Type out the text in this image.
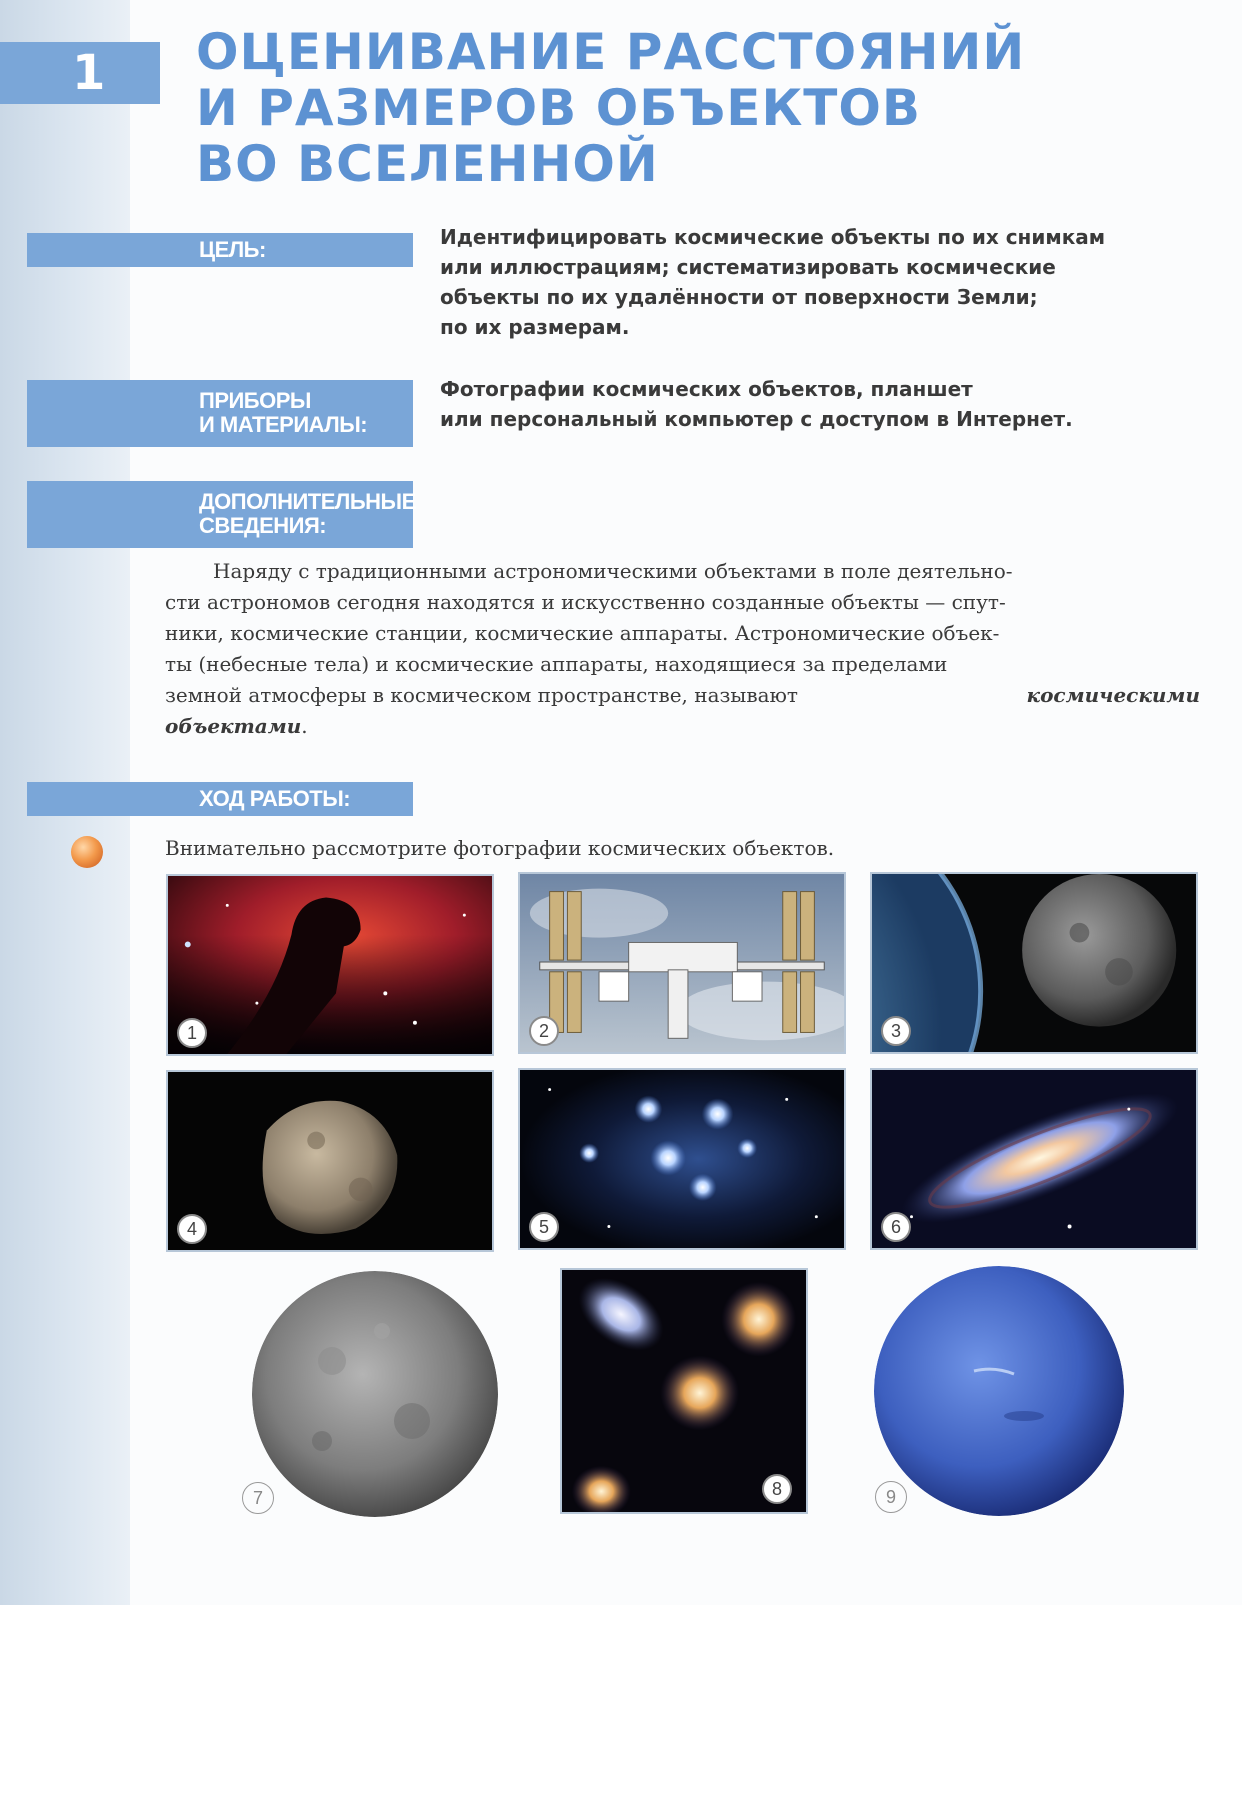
1 ОЦЕНИВАНИЕ РАССТОЯНИЙ
И РАЗМЕРОВ ОБЪЕКТОВ
ВО ВСЕЛЕННОЙ
ЦЕЛЬ:	Идентифицировать космические объекты по их снимкам
или иллюстрациям; систематизировать космические
объекты по их удалённости от поверхности Земли;
по их размерам.
ПРИБОРЫ
И МАТЕРИАЛЫ:
Фотографии космических объектов, планшет
или персональный компьютер с доступом в Интернет.
ДОПОЛНИТЕЛЬНЫЕ
СВЕДЕНИЯ:
Наряду с традиционными астрономическими объектами в поле деятельно-
сти астрономов сегодня находятся и искусственно созданные объекты — спут-
ники, космические станции, космические аппараты. Астрономические объек-
ты (небесные тела) и космические аппараты, находящиеся за пределами
земной атмосферы в космическом пространстве, называют
	космическими
объектами .
ХОД РАБОТЫ:
Внимательно рассмотрите фотографии космических объектов.
1	2	3
4	5	6
7	8	9
